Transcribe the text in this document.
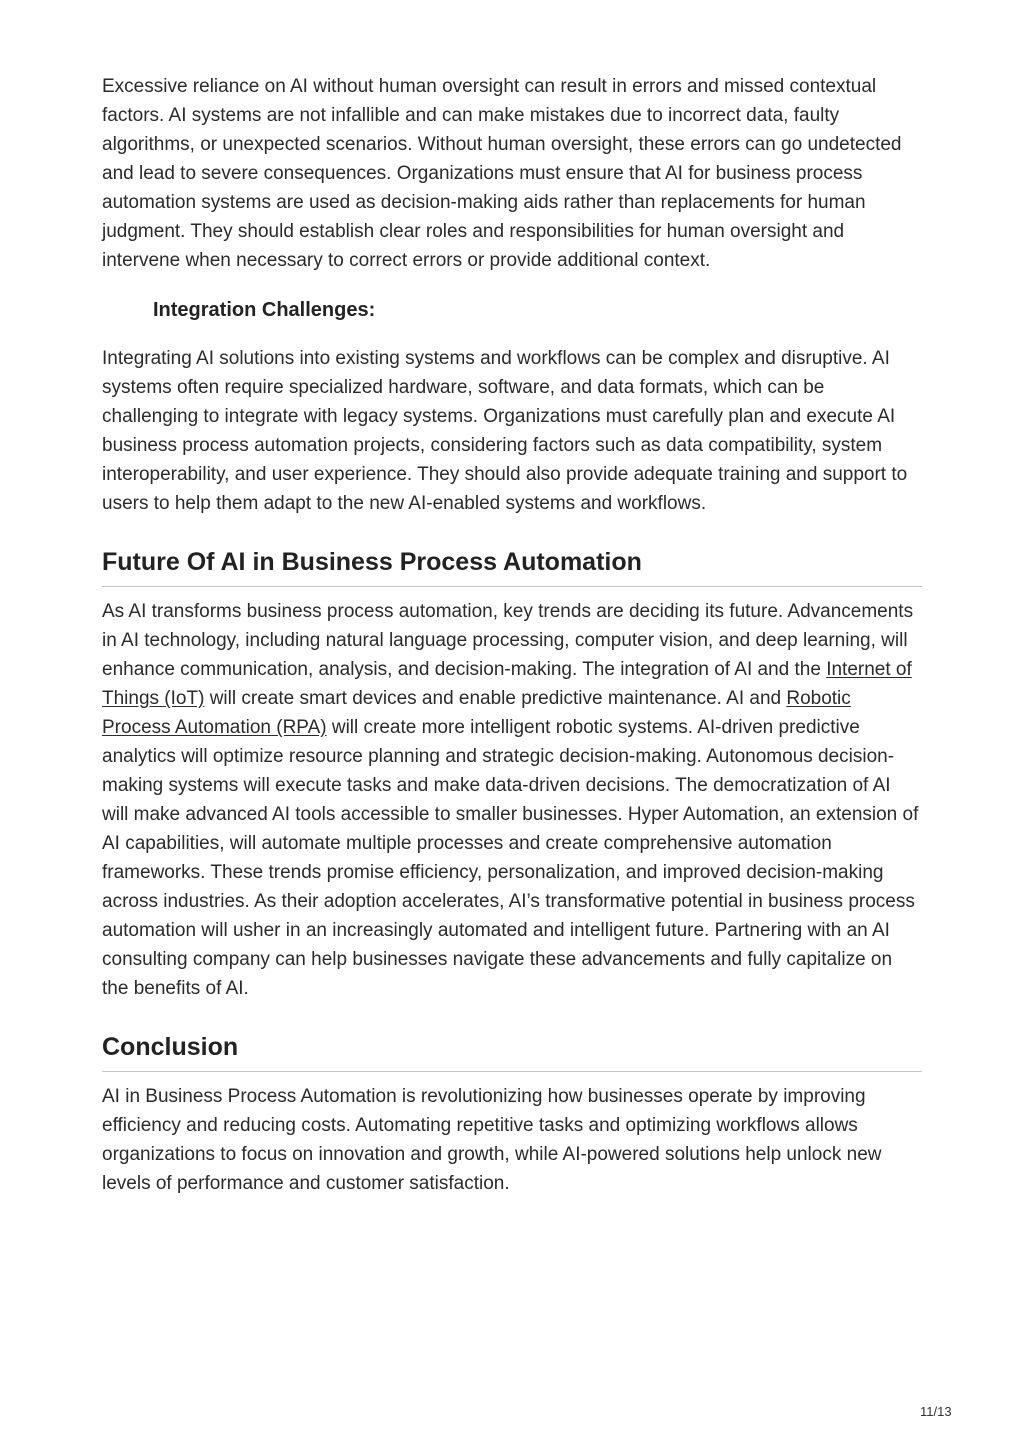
Excessive reliance on AI without human oversight can result in errors and missed contextual factors. AI systems are not infallible and can make mistakes due to incorrect data, faulty algorithms, or unexpected scenarios. Without human oversight, these errors can go undetected and lead to severe consequences. Organizations must ensure that AI for business process automation systems are used as decision-making aids rather than replacements for human judgment. They should establish clear roles and responsibilities for human oversight and intervene when necessary to correct errors or provide additional context.

Integration Challenges:

Integrating AI solutions into existing systems and workflows can be complex and disruptive. AI systems often require specialized hardware, software, and data formats, which can be challenging to integrate with legacy systems. Organizations must carefully plan and execute AI business process automation projects, considering factors such as data compatibility, system interoperability, and user experience. They should also provide adequate training and support to users to help them adapt to the new AI-enabled systems and workflows.

Future Of AI in Business Process Automation

As AI transforms business process automation, key trends are deciding its future. Advancements in AI technology, including natural language processing, computer vision, and deep learning, will enhance communication, analysis, and decision-making. The integration of AI and the Internet of Things (IoT) will create smart devices and enable predictive maintenance. AI and Robotic Process Automation (RPA) will create more intelligent robotic systems. AI-driven predictive analytics will optimize resource planning and strategic decision-making. Autonomous decision-making systems will execute tasks and make data-driven decisions. The democratization of AI will make advanced AI tools accessible to smaller businesses. Hyper Automation, an extension of AI capabilities, will automate multiple processes and create comprehensive automation frameworks. These trends promise efficiency, personalization, and improved decision-making across industries. As their adoption accelerates, AI’s transformative potential in business process automation will usher in an increasingly automated and intelligent future. Partnering with an AI consulting company can help businesses navigate these advancements and fully capitalize on the benefits of AI.

Conclusion

AI in Business Process Automation is revolutionizing how businesses operate by improving efficiency and reducing costs. Automating repetitive tasks and optimizing workflows allows organizations to focus on innovation and growth, while AI-powered solutions help unlock new levels of performance and customer satisfaction.

11/13
